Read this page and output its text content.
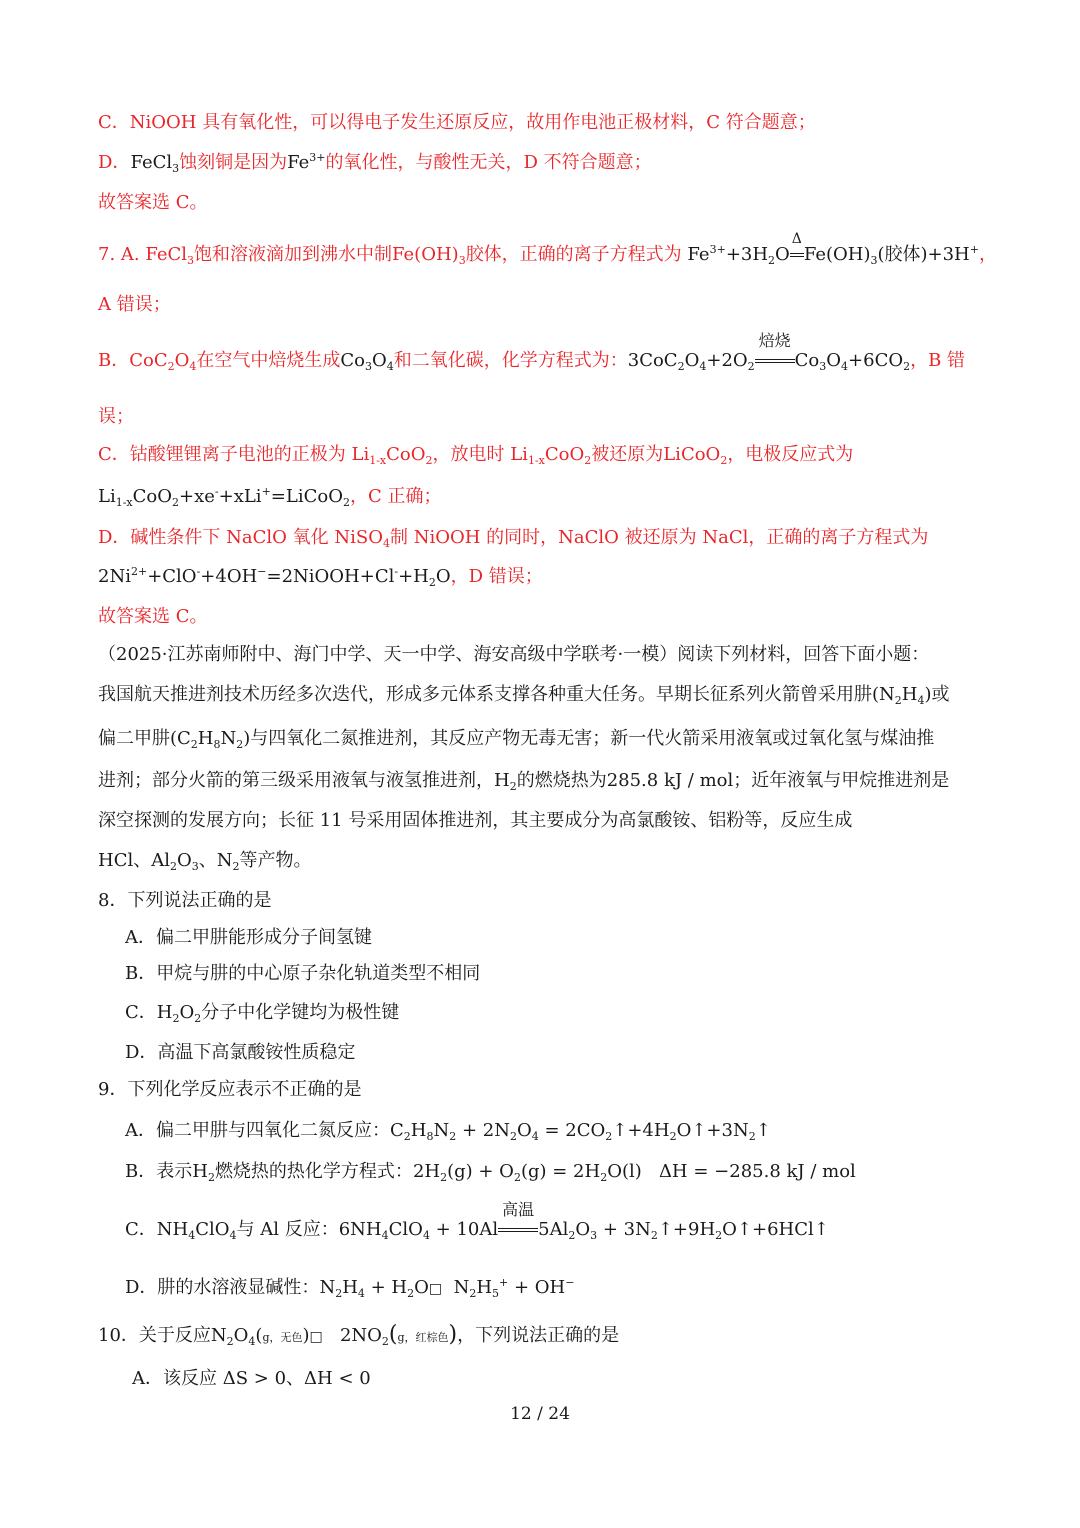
C．NiOOH 具有氧化性，可以得电子发生还原反应，故用作电池正极材料，C 符合题意；
D．FeCl$_3$蚀刻铜是因为$Fe^{3+}$的氧化性，与酸性无关，D 不符合题意；
故答案选 C。
7. A. FeCl$_3$饱和溶液滴加到沸水中制$Fe(OH)_3$胶体，正确的离子方程式为 $Fe^{3+}+3H_2O$
Δ
$Fe(OH)_3$(胶体)+3H+，
A 错误；
B．$CoC_2O_4$在空气中焙烧生成$Co_3O_4$和二氧化碳，化学方程式为：$3CoC_2O_4+2O_2$
焙烧
$Co_3O_4+6CO_2$，B 错
误；
C．钴酸锂锂离子电池的正极为 $Li_{1-x}CoO_2$，放电时 $Li_{1-x}CoO_2$被还原为LiCoO$_2$，电极反应式为
$Li_{1-x}CoO_2+xe^-+xLi^+=LiCoO_2$，C 正确；
D．碱性条件下 NaClO 氧化 NiSO$_4$制 NiOOH 的同时，NaClO 被还原为 NaCl，正确的离子方程式为
$2Ni^{2+}+ClO^-+4OH^-=2NiOOH+Cl^-+H_2O$，D 错误；
故答案选 C。
（2025·江苏南师附中、海门中学、天一中学、海安高级中学联考·一模）阅读下列材料，回答下面小题：
我国航天推进剂技术历经多次迭代，形成多元体系支撑各种重大任务。早期长征系列火箭曾采用肼$(N_2H_4)$或
偏二甲肼$(C_2H_8N_2)$与四氧化二氮推进剂，其反应产物无毒无害；新一代火箭采用液氧或过氧化氢与煤油推
进剂；部分火箭的第三级采用液氧与液氢推进剂，$H_2$的燃烧热为285.8 kJ / mol；近年液氧与甲烷推进剂是
深空探测的发展方向；长征 11 号采用固体推进剂，其主要成分为高氯酸铵、铝粉等，反应生成
HCl、$Al_2O_3$、$N_2$等产物。
8．下列说法正确的是
A．偏二甲肼能形成分子间氢键
B．甲烷与肼的中心原子杂化轨道类型不相同
C．$H_2O_2$分子中化学键均为极性键
D．高温下高氯酸铵性质稳定
9．下列化学反应表示不正确的是
A．偏二甲肼与四氧化二氮反应：$C_2H_8N_2 + 2N_2O_4$ = $2CO_2↑+4H_2O↑+3N_2↑$
B．表示$H_2$燃烧热的热化学方程式：$2H_2(g) + O_2(g) = 2H_2O(l) \Delta H = -285.8$ kJ / mol
C．$NH_4ClO_4$与 Al 反应：$6NH_4ClO_4 + 10Al$
高温
$5Al_2O_3$ + $3N_2↑+9H_2O↑+6HCl↑$
D．肼的水溶液显碱性：$N_2H_4$ + $H_2O□$ $N_2H_5^+ + OH^-$
10．关于反应$N_2O_4(g$，无色)□ $2NO_2(g$，红棕色)，下列说法正确的是
A．该反应 ΔS > 0、ΔH < 0
12 / 24
